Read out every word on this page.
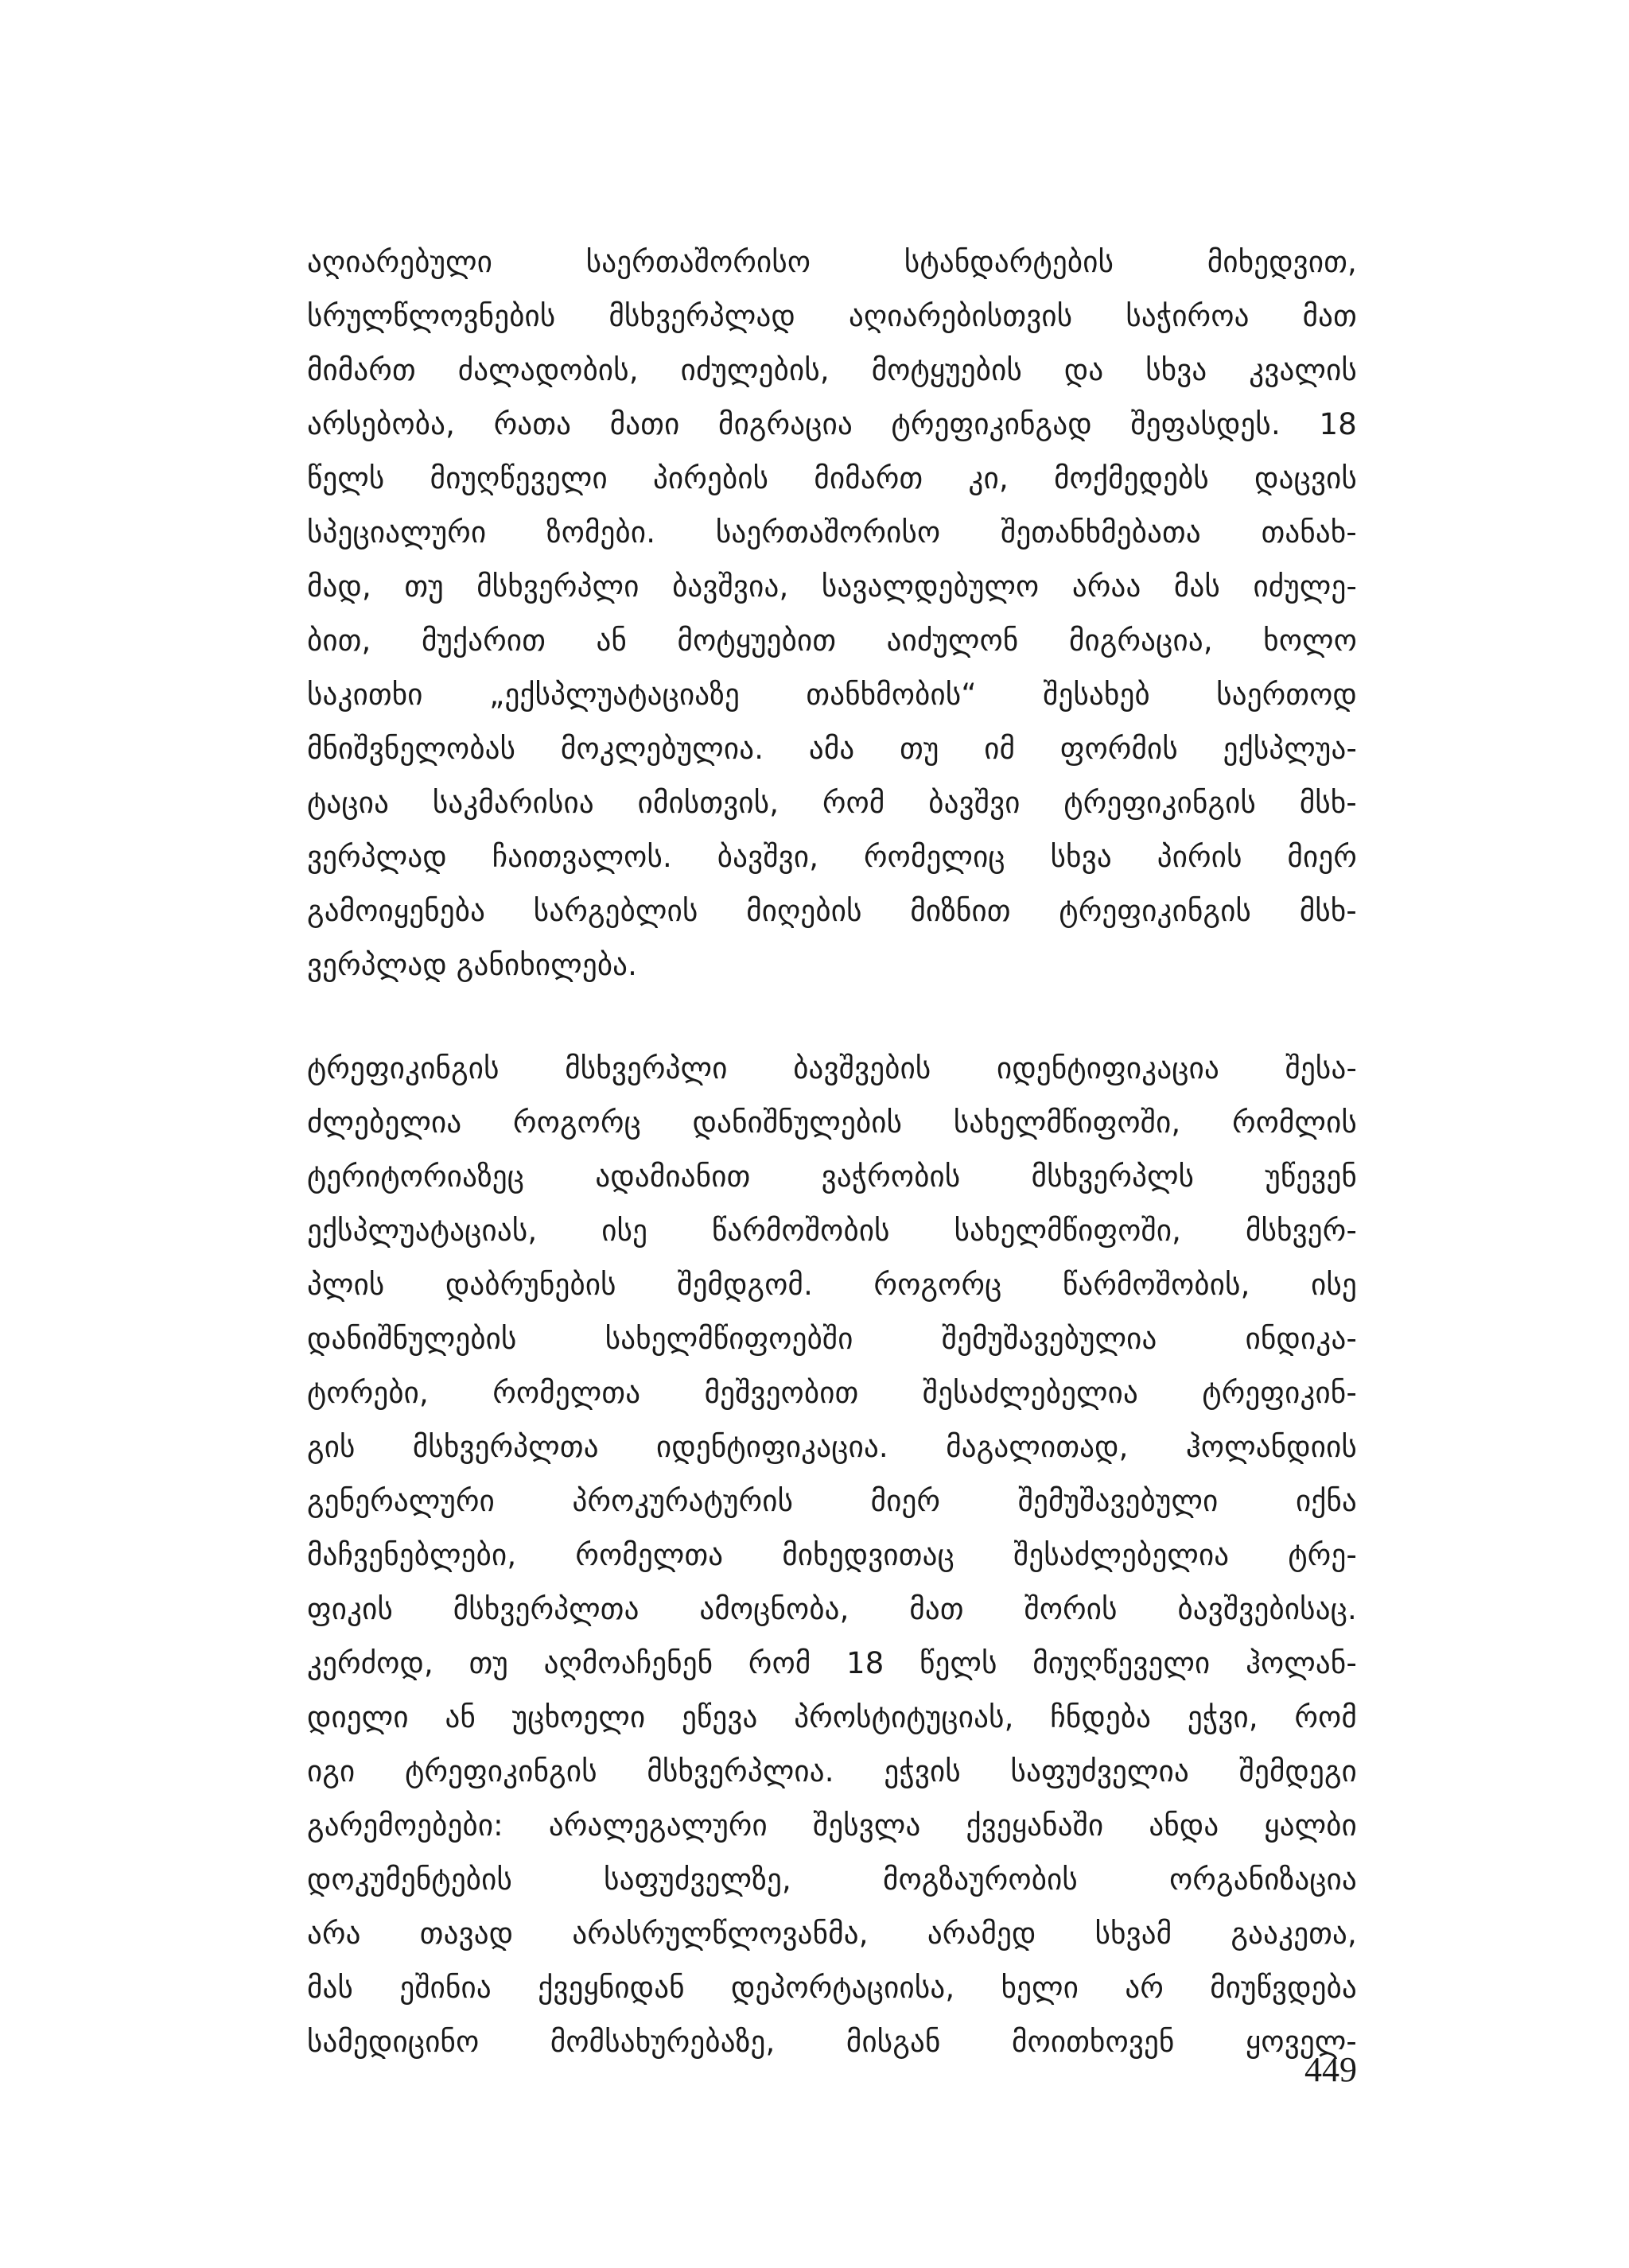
აღიარებული საერთაშორისო სტანდარტების მიხედვით,
სრულწლოვნების მსხვერპლად აღიარებისთვის საჭიროა მათ
მიმართ ძალადობის, იძულების, მოტყუების და სხვა კვალის
არსებობა, რათა მათი მიგრაცია ტრეფიკინგად შეფასდეს. 18
წელს მიუღწეველი პირების მიმართ კი, მოქმედებს დაცვის
სპეციალური ზომები. საერთაშორისო შეთანხმებათა თანახ-
მად, თუ მსხვერპლი ბავშვია, სავალდებულო არაა მას იძულე-
ბით, მუქარით ან მოტყუებით აიძულონ მიგრაცია, ხოლო
საკითხი „ექსპლუატაციაზე თანხმობის“ შესახებ საერთოდ
მნიშვნელობას მოკლებულია. ამა თუ იმ ფორმის ექსპლუა-
ტაცია საკმარისია იმისთვის, რომ ბავშვი ტრეფიკინგის მსხ-
ვერპლად ჩაითვალოს. ბავშვი, რომელიც სხვა პირის მიერ
გამოიყენება სარგებლის მიღების მიზნით ტრეფიკინგის მსხ-
ვერპლად განიხილება.
ტრეფიკინგის მსხვერპლი ბავშვების იდენტიფიკაცია შესა-
ძლებელია როგორც დანიშნულების სახელმწიფოში, რომლის
ტერიტორიაზეც ადამიანით ვაჭრობის მსხვერპლს უწევენ
ექსპლუატაციას, ისე წარმოშობის სახელმწიფოში, მსხვერ-
პლის დაბრუნების შემდგომ. როგორც წარმოშობის, ისე
დანიშნულების სახელმწიფოებში შემუშავებულია ინდიკა-
ტორები, რომელთა მეშვეობით შესაძლებელია ტრეფიკინ-
გის მსხვერპლთა იდენტიფიკაცია. მაგალითად, ჰოლანდიის
გენერალური პროკურატურის მიერ შემუშავებული იქნა
მაჩვენებლები, რომელთა მიხედვითაც შესაძლებელია ტრე-
ფიკის მსხვერპლთა ამოცნობა, მათ შორის ბავშვებისაც.
კერძოდ, თუ აღმოაჩენენ რომ 18 წელს მიუღწეველი ჰოლან-
დიელი ან უცხოელი ეწევა პროსტიტუციას, ჩნდება ეჭვი, რომ
იგი ტრეფიკინგის მსხვერპლია. ეჭვის საფუძველია შემდეგი
გარემოებები: არალეგალური შესვლა ქვეყანაში ანდა ყალბი
დოკუმენტების საფუძველზე, მოგზაურობის ორგანიზაცია
არა თავად არასრულწლოვანმა, არამედ სხვამ გააკეთა,
მას ეშინია ქვეყნიდან დეპორტაციისა, ხელი არ მიუწვდება
სამედიცინო მომსახურებაზე, მისგან მოითხოვენ ყოველ-
449
